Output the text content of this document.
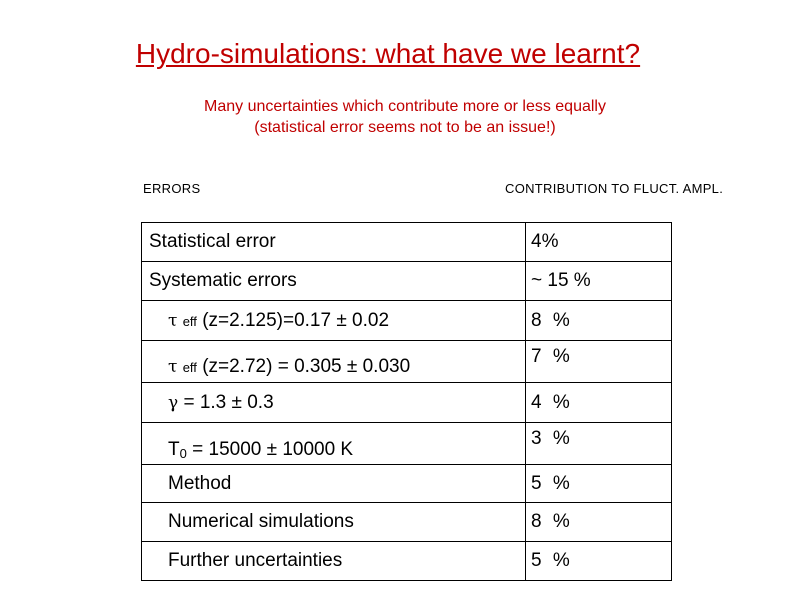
Hydro-simulations: what have we learnt?
Many uncertainties which contribute more or less equally
(statistical error seems not to be an issue!)
ERRORS	CONTRIBUTION TO FLUCT. AMPL.
Statistical error	4%

Systematic errors	~ 15 %

τ eff (z=2.125)=0.17 ± 0.02	8 %

τ eff (z=2.72) = 0.305 ± 0.030	7 %

γ = 1.3 ± 0.3	4 %

$T_0 = 15000 \pm 10000$ K	3 %

Method	5 %

Numerical simulations	8 %

Further uncertainties	5 %
